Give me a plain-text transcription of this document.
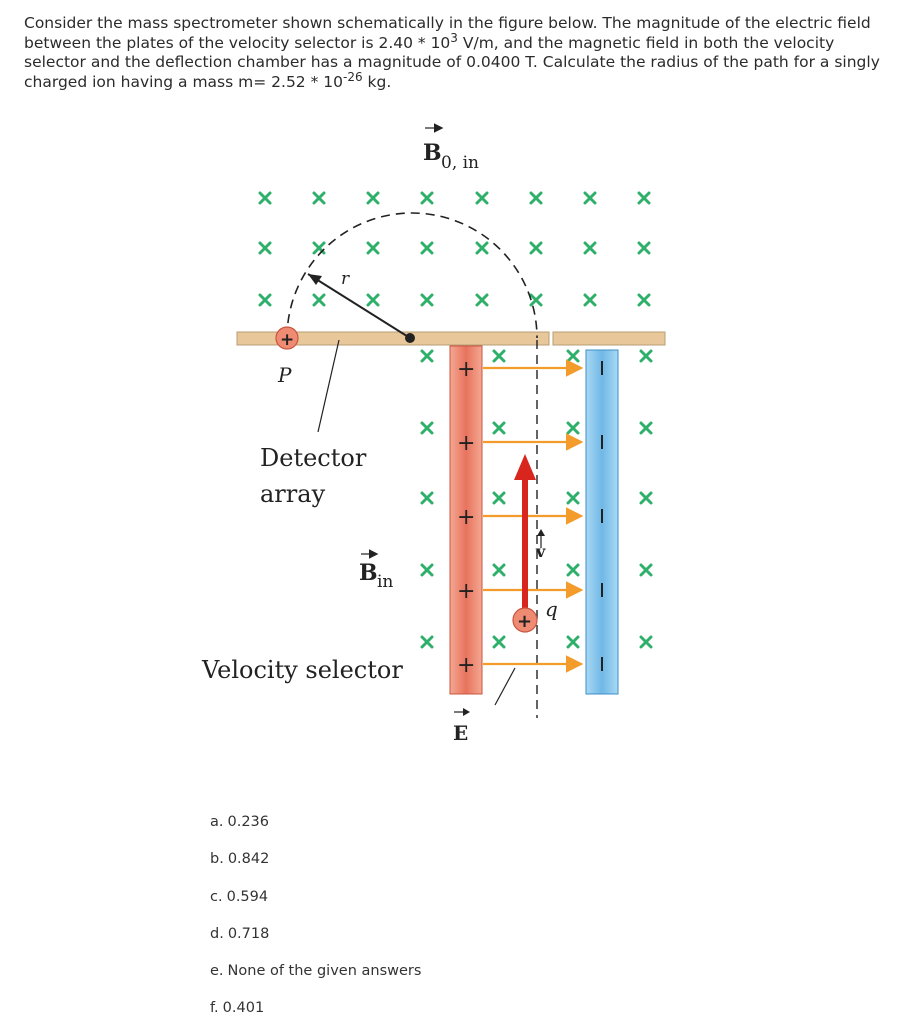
Consider the mass spectrometer shown schematically in the figure below. The magnitude of the electric field between the plates of the velocity selector is $2.40 * 10^3$ V/m, and the magnetic field in both the velocity selector and the deflection chamber has a magnitude of 0.0400 T. Calculate the radius of the path for a singly charged ion having a mass $m= 2.52 * 10^{-26}$ kg.
B 0, in
r
+
P
Detector
array
B in
Velocity selector
+
+
+
+
+
v
+
q
E
a. 0.236
b. 0.842
c. 0.594
d. 0.718
e. None of the given answers
f. 0.401
